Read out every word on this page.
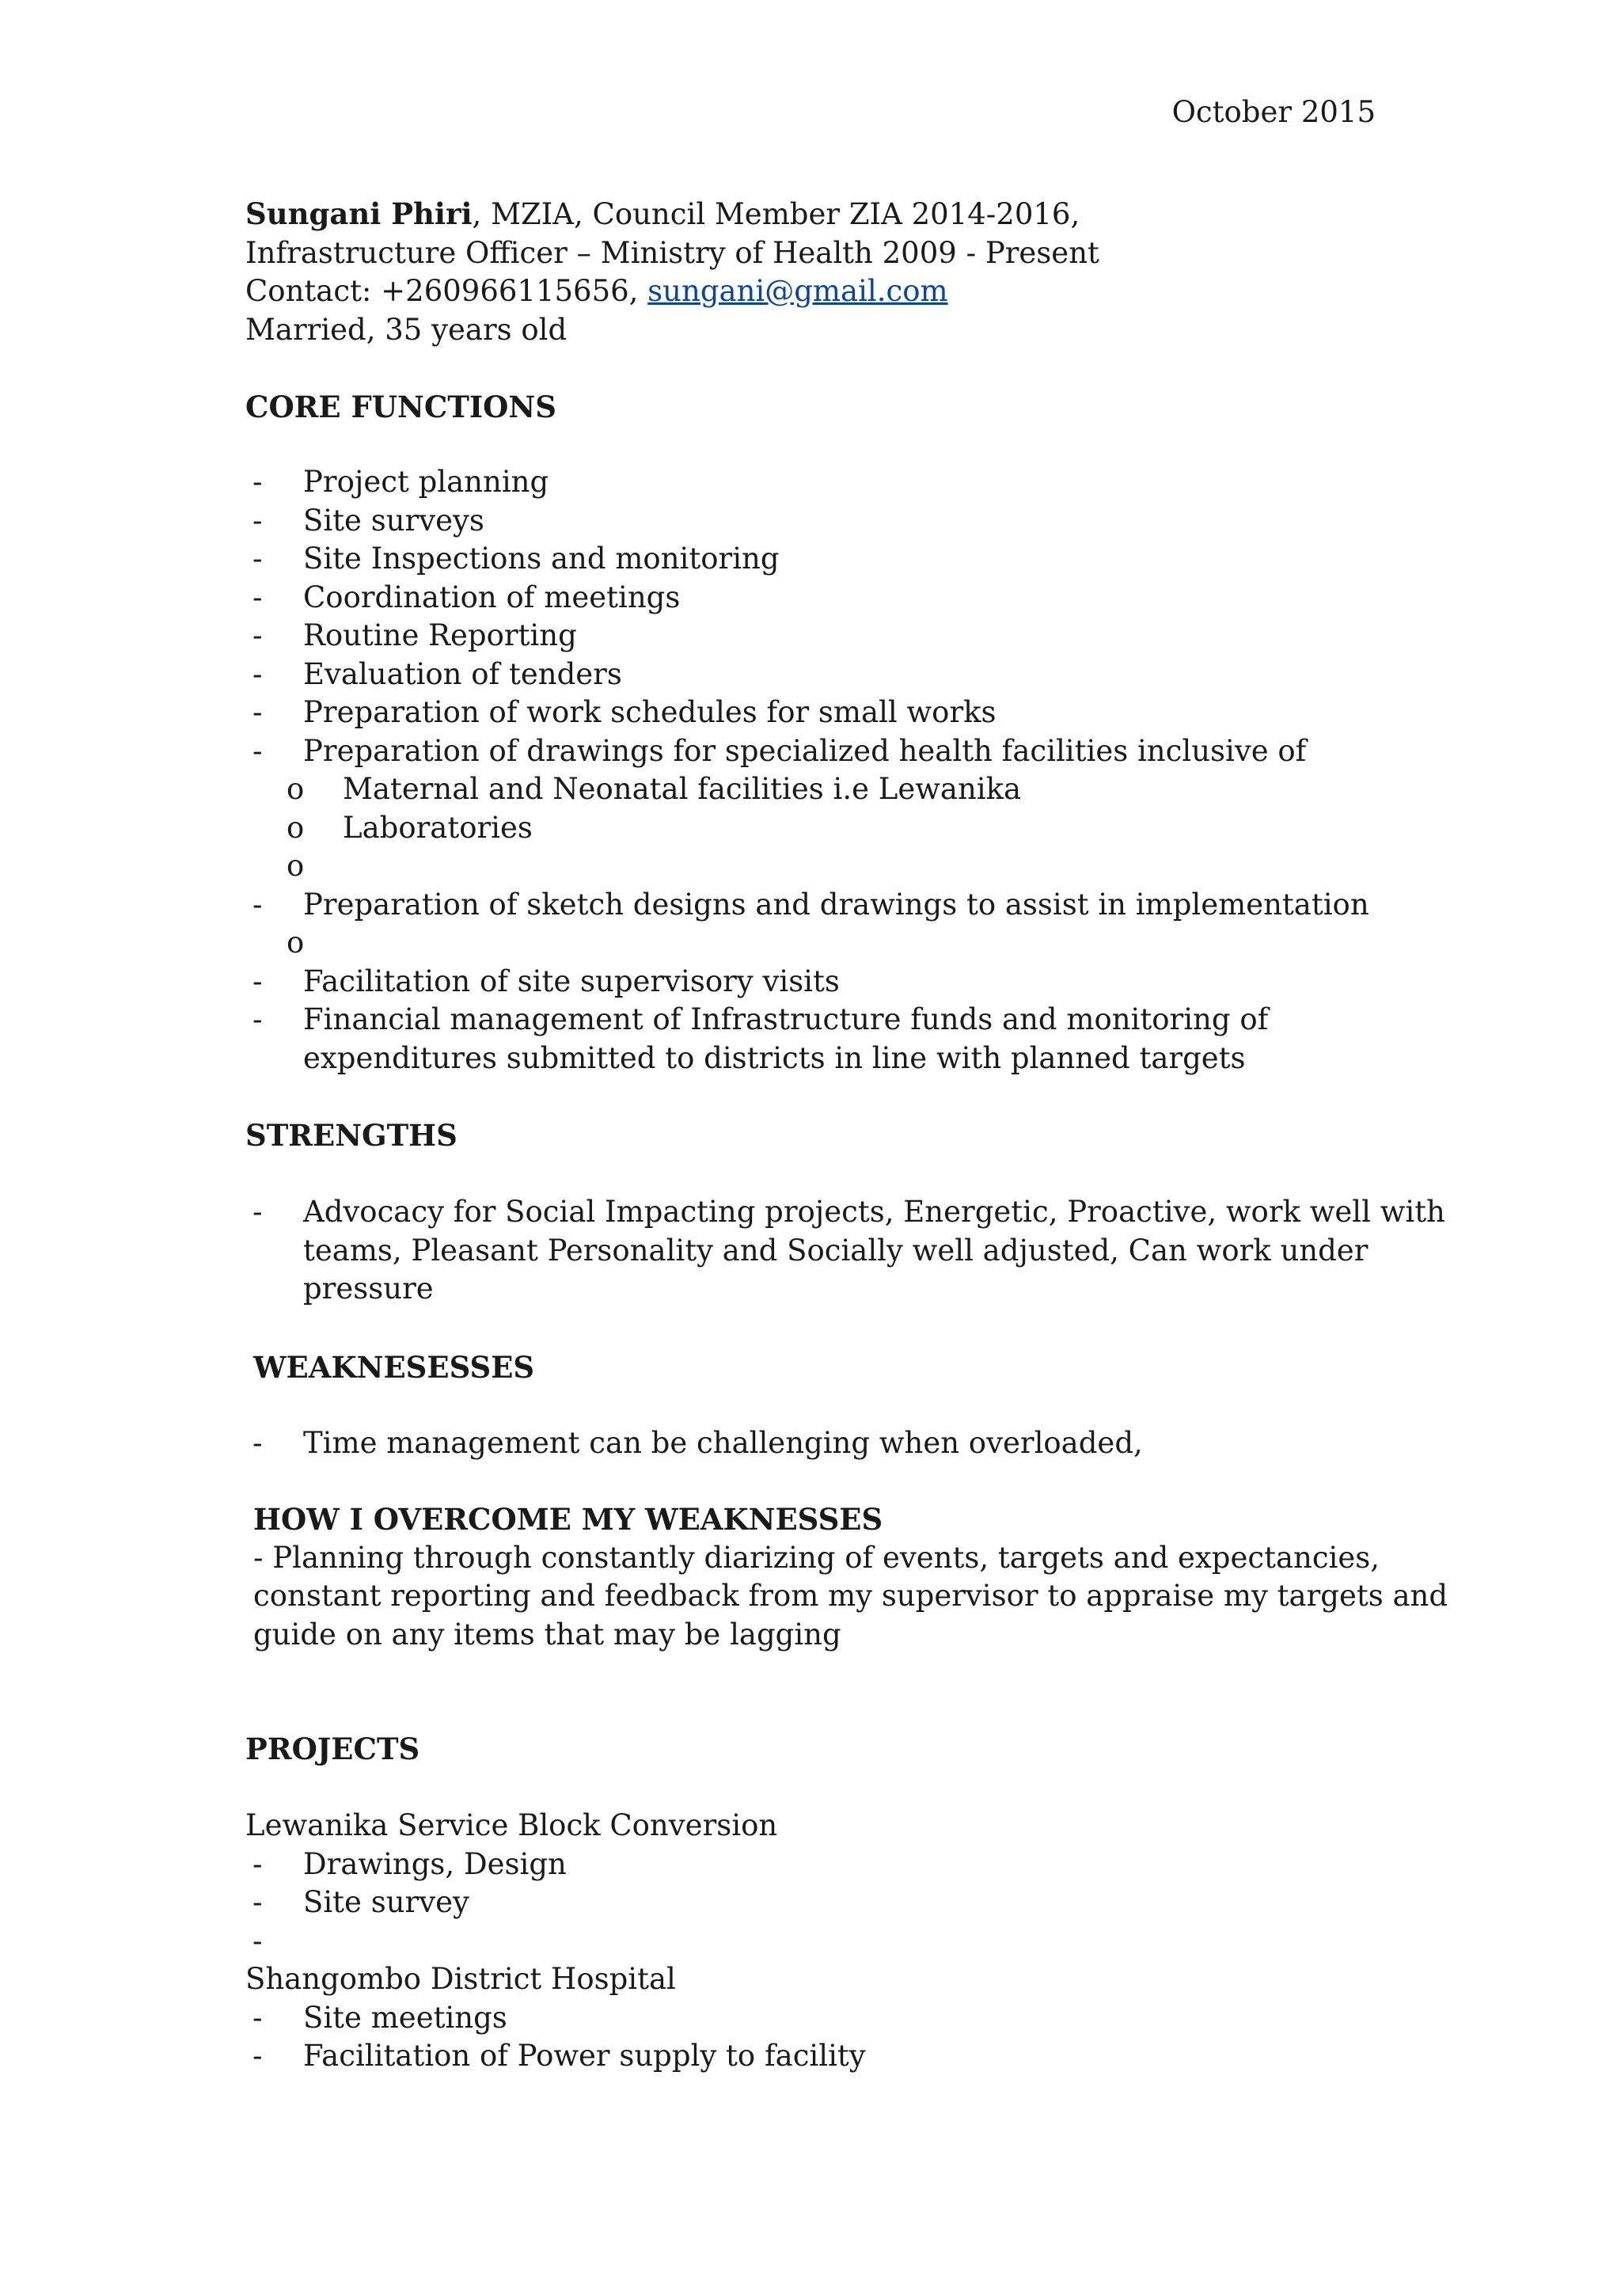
October 2015
Sungani Phiri, MZIA, Council Member ZIA 2014-2016,
Infrastructure Officer – Ministry of Health 2009 - Present
Contact: +260966115656, sungani@gmail.com
Married, 35 years old
CORE FUNCTIONS
- Project planning
- Site surveys
- Site Inspections and monitoring
- Coordination of meetings
- Routine Reporting
- Evaluation of tenders
- Preparation of work schedules for small works
- Preparation of drawings for specialized health facilities inclusive of
o Maternal and Neonatal facilities i.e Lewanika
o Laboratories
o
- Preparation of sketch designs and drawings to assist in implementation
o
- Facilitation of site supervisory visits
- Financial management of Infrastructure funds and monitoring of
expenditures submitted to districts in line with planned targets
STRENGTHS
- Advocacy for Social Impacting projects, Energetic, Proactive, work well with
teams, Pleasant Personality and Socially well adjusted, Can work under
pressure
WEAKNESESSES
- Time management can be challenging when overloaded,
HOW I OVERCOME MY WEAKNESSES
- Planning through constantly diarizing of events, targets and expectancies,
constant reporting and feedback from my supervisor to appraise my targets and
guide on any items that may be lagging
PROJECTS
Lewanika Service Block Conversion
- Drawings, Design
- Site survey
-
Shangombo District Hospital
- Site meetings
- Facilitation of Power supply to facility
